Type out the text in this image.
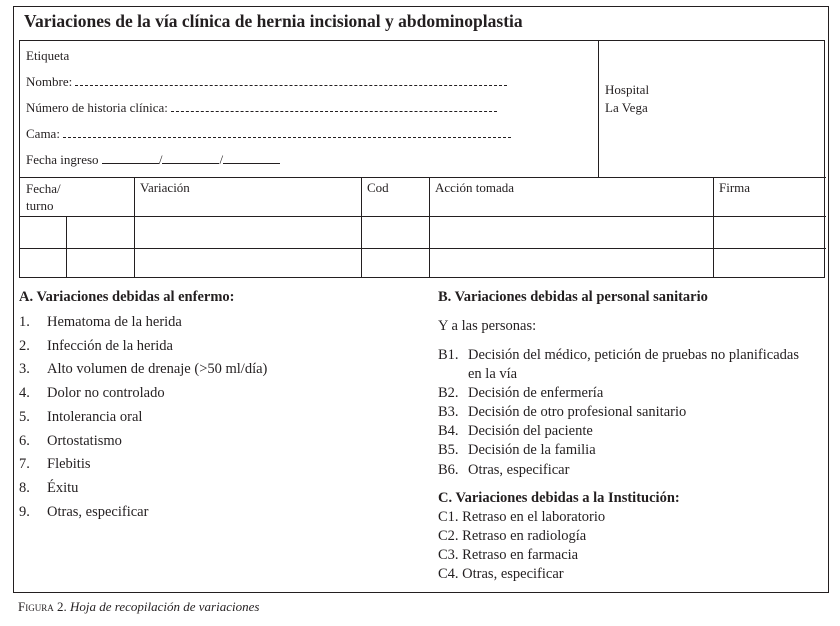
Variaciones de la vía clínica de hernia incisional y abdominoplastia
Etiqueta
Nombre:
Número de historia clínica:
Cama:
Fecha ingreso	/	/
Hospital
La Vega
Fecha/
turno
Variación	Cod	Acción tomada	Firma
A. Variaciones debidas al enfermo:
1. Hematoma de la herida
2. Infección de la herida
3. Alto volumen de drenaje (>50 ml/día)
4. Dolor no controlado
5. Intolerancia oral
6. Ortostatismo
7. Flebitis
8. Éxitu
9. Otras, especificar
B. Variaciones debidas al personal sanitario
Y a las personas:
B1. Decisión del médico, petición de pruebas no planificadas
en la vía
B2. Decisión de enfermería
B3. Decisión de otro profesional sanitario
B4. Decisión del paciente
B5. Decisión de la familia
B6. Otras, especificar
C. Variaciones debidas a la Institución:
C1. Retraso en el laboratorio
C2. Retraso en radiología
C3. Retraso en farmacia
C4. Otras, especificar
Figura 2. Hoja de recopilación de variaciones
